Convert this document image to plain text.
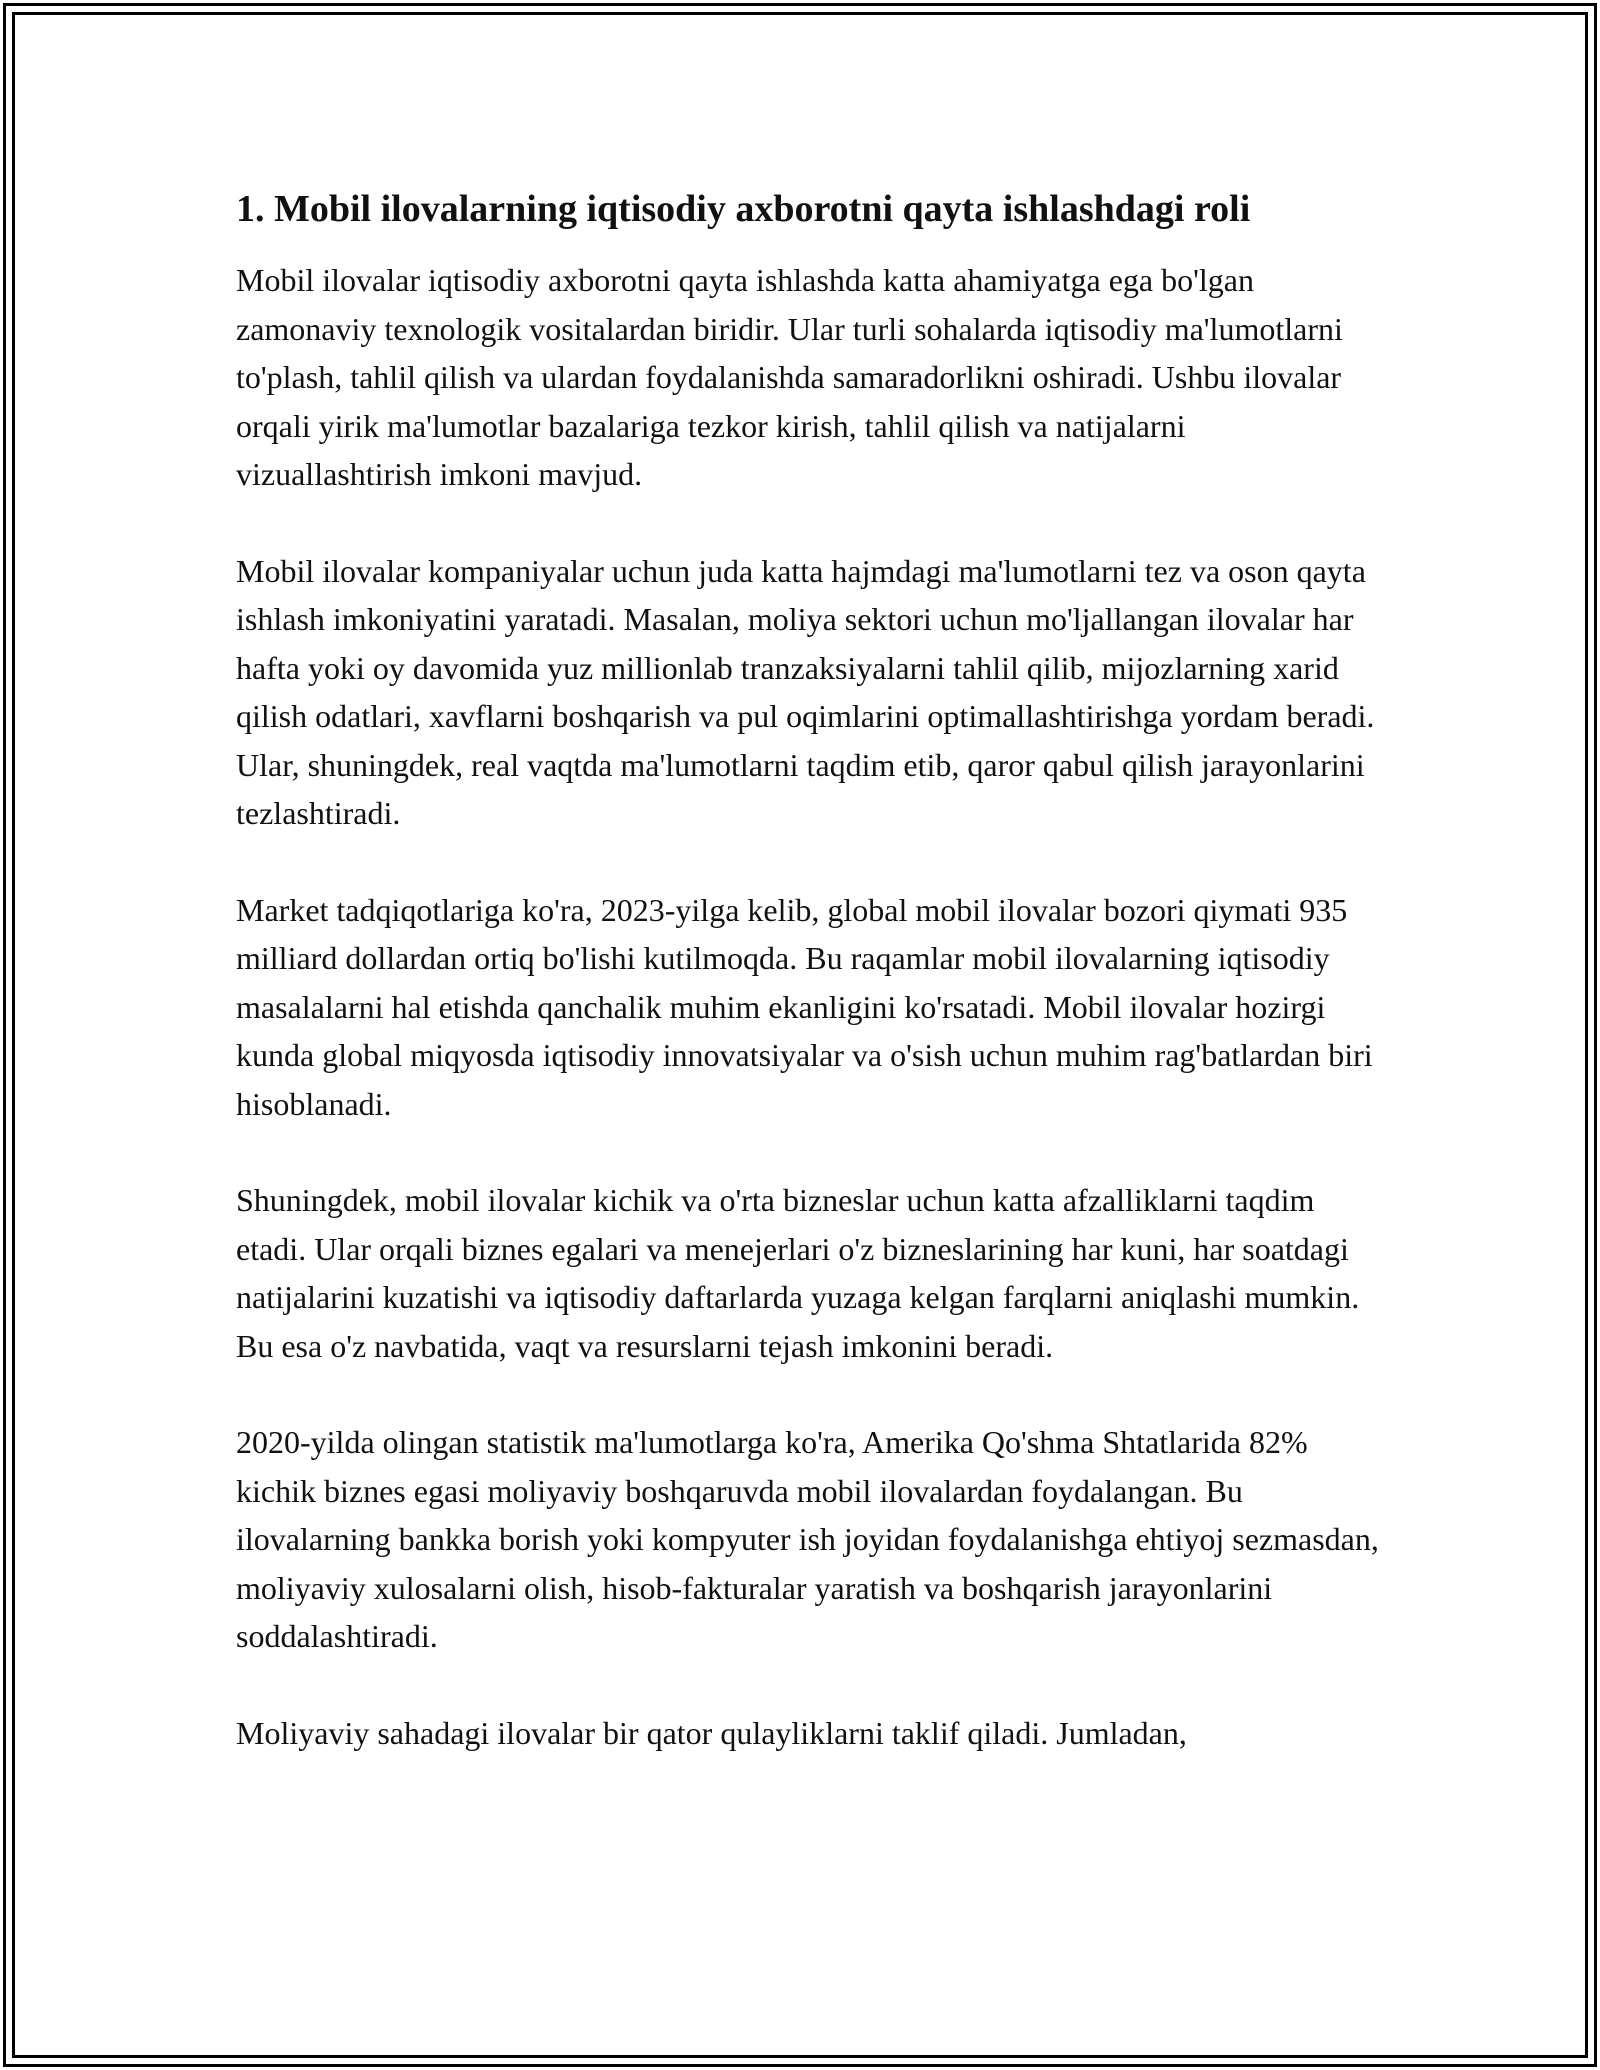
1. Mobil ilovalarning iqtisodiy axborotni qayta ishlashdagi roli

Mobil ilovalar iqtisodiy axborotni qayta ishlashda katta ahamiyatga ega bo'lgan zamonaviy texnologik vositalardan biridir. Ular turli sohalarda iqtisodiy ma'lumotlarni to'plash, tahlil qilish va ulardan foydalanishda samaradorlikni oshiradi. Ushbu ilovalar orqali yirik ma'lumotlar bazalariga tezkor kirish, tahlil qilish va natijalarni vizuallashtirish imkoni mavjud.

Mobil ilovalar kompaniyalar uchun juda katta hajmdagi ma'lumotlarni tez va oson qayta ishlash imkoniyatini yaratadi. Masalan, moliya sektori uchun mo'ljallangan ilovalar har hafta yoki oy davomida yuz millionlab tranzaksiyalarni tahlil qilib, mijozlarning xarid qilish odatlari, xavflarni boshqarish va pul oqimlarini optimallashtirishga yordam beradi. Ular, shuningdek, real vaqtda ma'lumotlarni taqdim etib, qaror qabul qilish jarayonlarini tezlashtiradi.

Market tadqiqotlariga ko'ra, 2023-yilga kelib, global mobil ilovalar bozori qiymati 935 milliard dollardan ortiq bo'lishi kutilmoqda. Bu raqamlar mobil ilovalarning iqtisodiy masalalarni hal etishda qanchalik muhim ekanligini ko'rsatadi. Mobil ilovalar hozirgi kunda global miqyosda iqtisodiy innovatsiyalar va o'sish uchun muhim rag'batlardan biri hisoblanadi.

Shuningdek, mobil ilovalar kichik va o'rta bizneslar uchun katta afzalliklarni taqdim etadi. Ular orqali biznes egalari va menejerlari o'z bizneslarining har kuni, har soatdagi natijalarini kuzatishi va iqtisodiy daftarlarda yuzaga kelgan farqlarni aniqlashi mumkin. Bu esa o'z navbatida, vaqt va resurslarni tejash imkonini beradi.

2020-yilda olingan statistik ma'lumotlarga ko'ra, Amerika Qo'shma Shtatlarida 82% kichik biznes egasi moliyaviy boshqaruvda mobil ilovalardan foydalangan. Bu ilovalarning bankka borish yoki kompyuter ish joyidan foydalanishga ehtiyoj sezmasdan, moliyaviy xulosalarni olish, hisob-fakturalar yaratish va boshqarish jarayonlarini soddalashtiradi.

Moliyaviy sahadagi ilovalar bir qator qulayliklarni taklif qiladi. Jumladan,
